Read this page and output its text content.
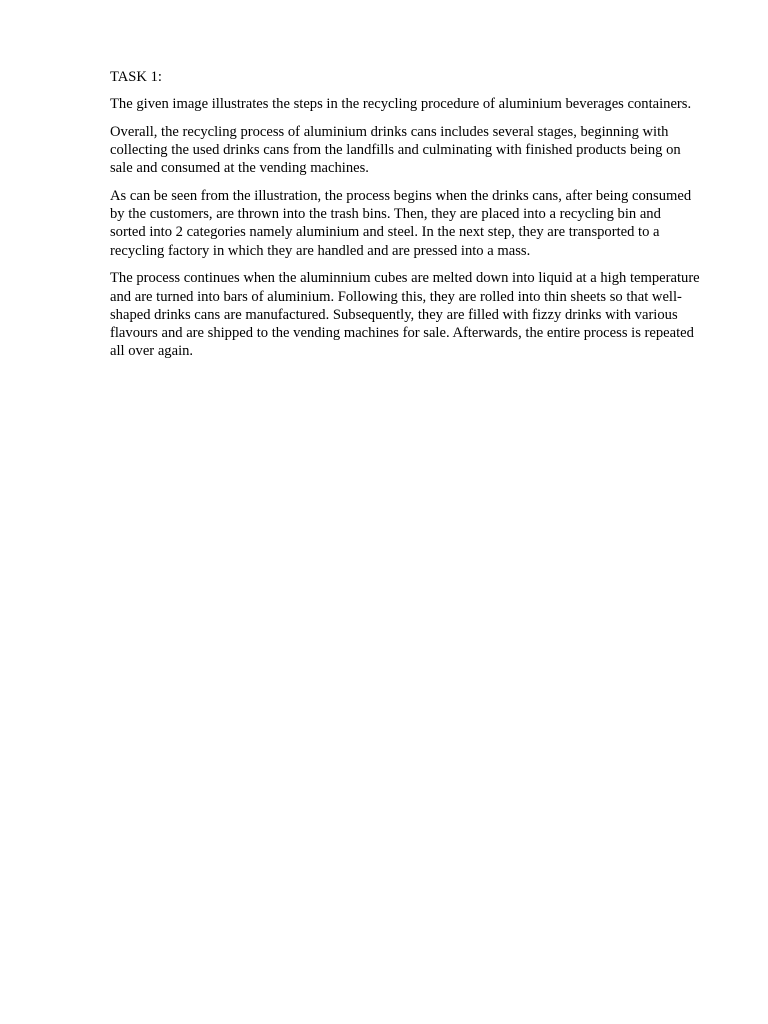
TASK 1:

The given image illustrates the steps in the recycling procedure of aluminium beverages containers.

Overall, the recycling process of aluminium drinks cans includes several stages, beginning with collecting the used drinks cans from the landfills and culminating with finished products being on sale and consumed at the vending machines.

As can be seen from the illustration, the process begins when the drinks cans, after being consumed by the customers, are thrown into the trash bins. Then, they are placed into a recycling bin and sorted into 2 categories namely aluminium and steel. In the next step, they are transported to a recycling factory in which they are handled and are pressed into a mass.

The process continues when the aluminnium cubes are melted down into liquid at a high temperature and are turned into bars of aluminium. Following this, they are rolled into thin sheets so that well-shaped drinks cans are manufactured. Subsequently, they are filled with fizzy drinks with various flavours and are shipped to the vending machines for sale. Afterwards, the entire process is repeated all over again.
